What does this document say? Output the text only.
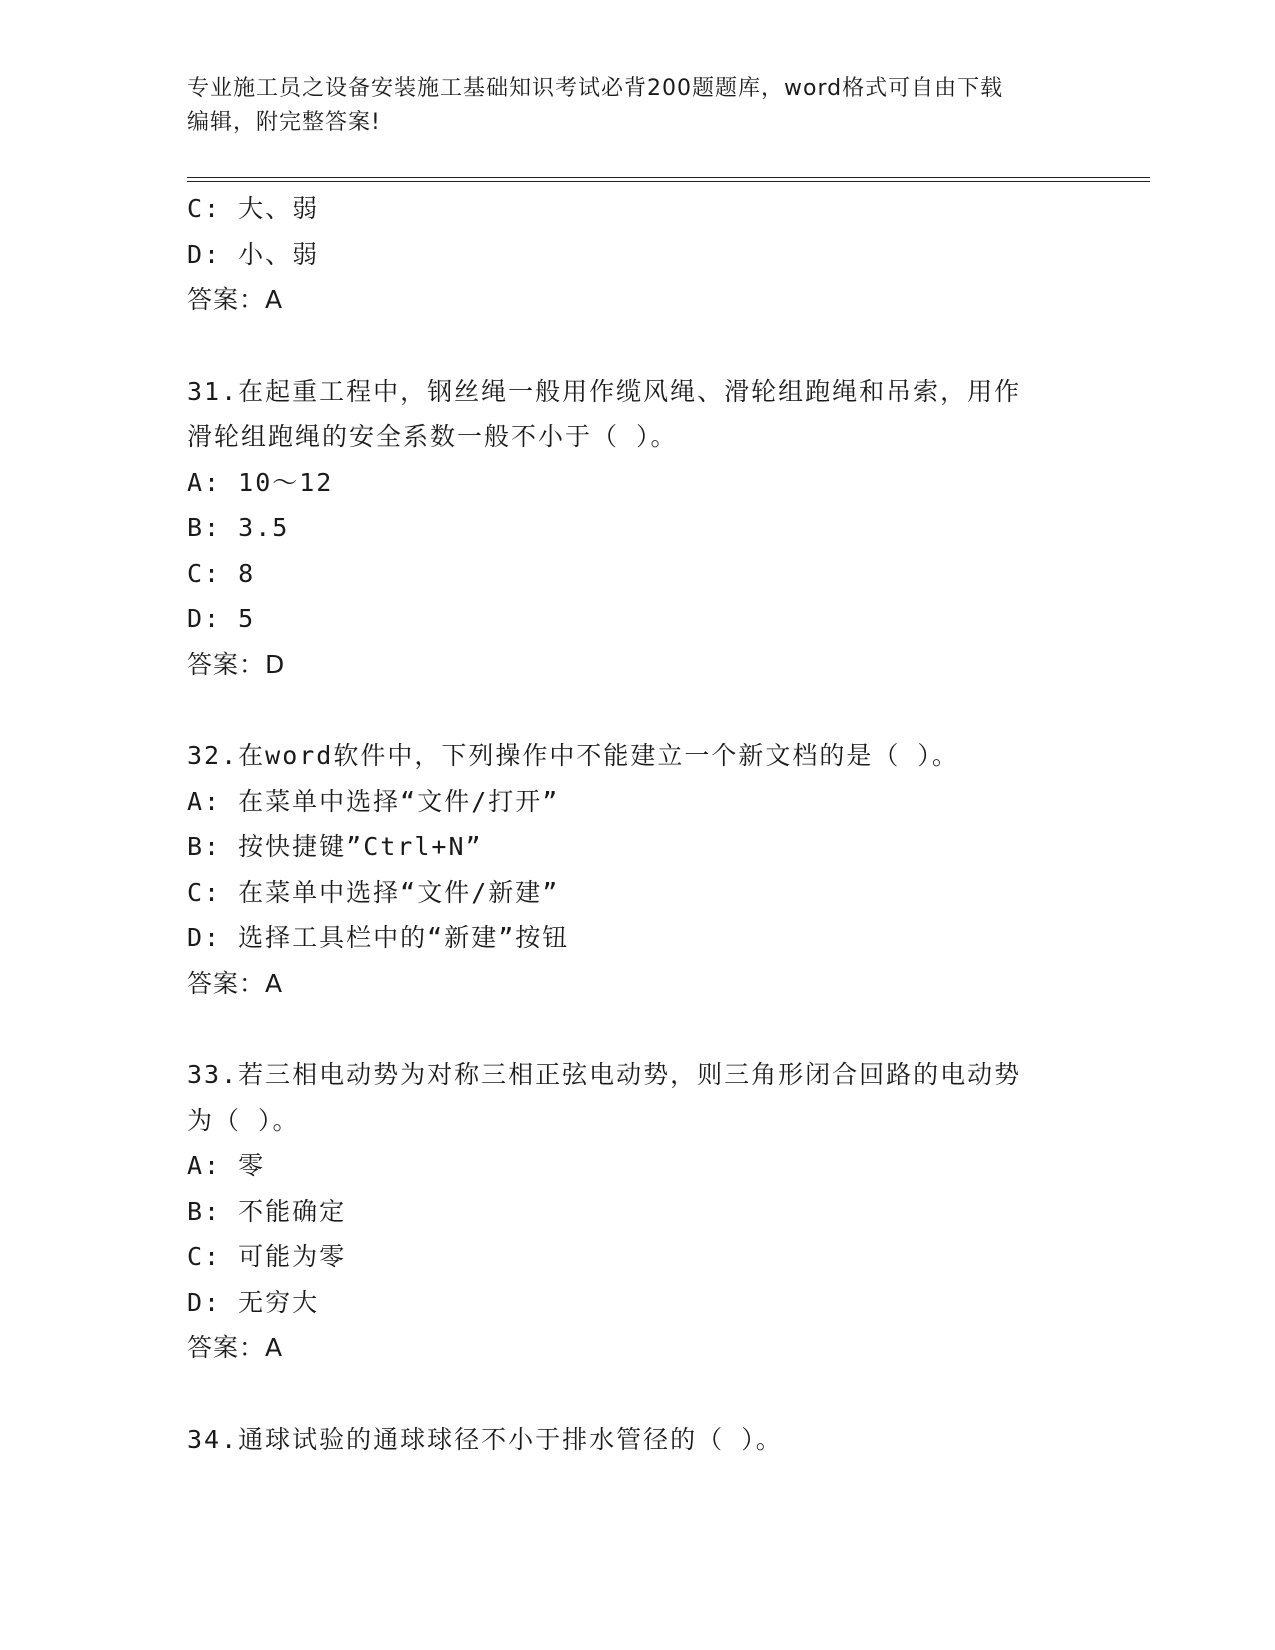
专业施工员之设备安装施工基础知识考试必背200题题库，word格式可自由下载
编辑，附完整答案!
C: 大、弱
D: 小、弱
答案：A
31.在起重工程中，钢丝绳一般用作缆风绳、滑轮组跑绳和吊索，用作
滑轮组跑绳的安全系数一般不小于（ ）。
A: 10～12
B: 3.5
C: 8
D: 5
答案：D
32.在word软件中，下列操作中不能建立一个新文档的是（ ）。
A: 在菜单中选择“文件/打开”
B: 按快捷键”Ctrl+N”
C: 在菜单中选择“文件/新建”
D: 选择工具栏中的“新建”按钮
答案：A
33.若三相电动势为对称三相正弦电动势，则三角形闭合回路的电动势
为（ ）。
A: 零
B: 不能确定
C: 可能为零
D: 无穷大
答案：A
34.通球试验的通球球径不小于排水管径的（ ）。
